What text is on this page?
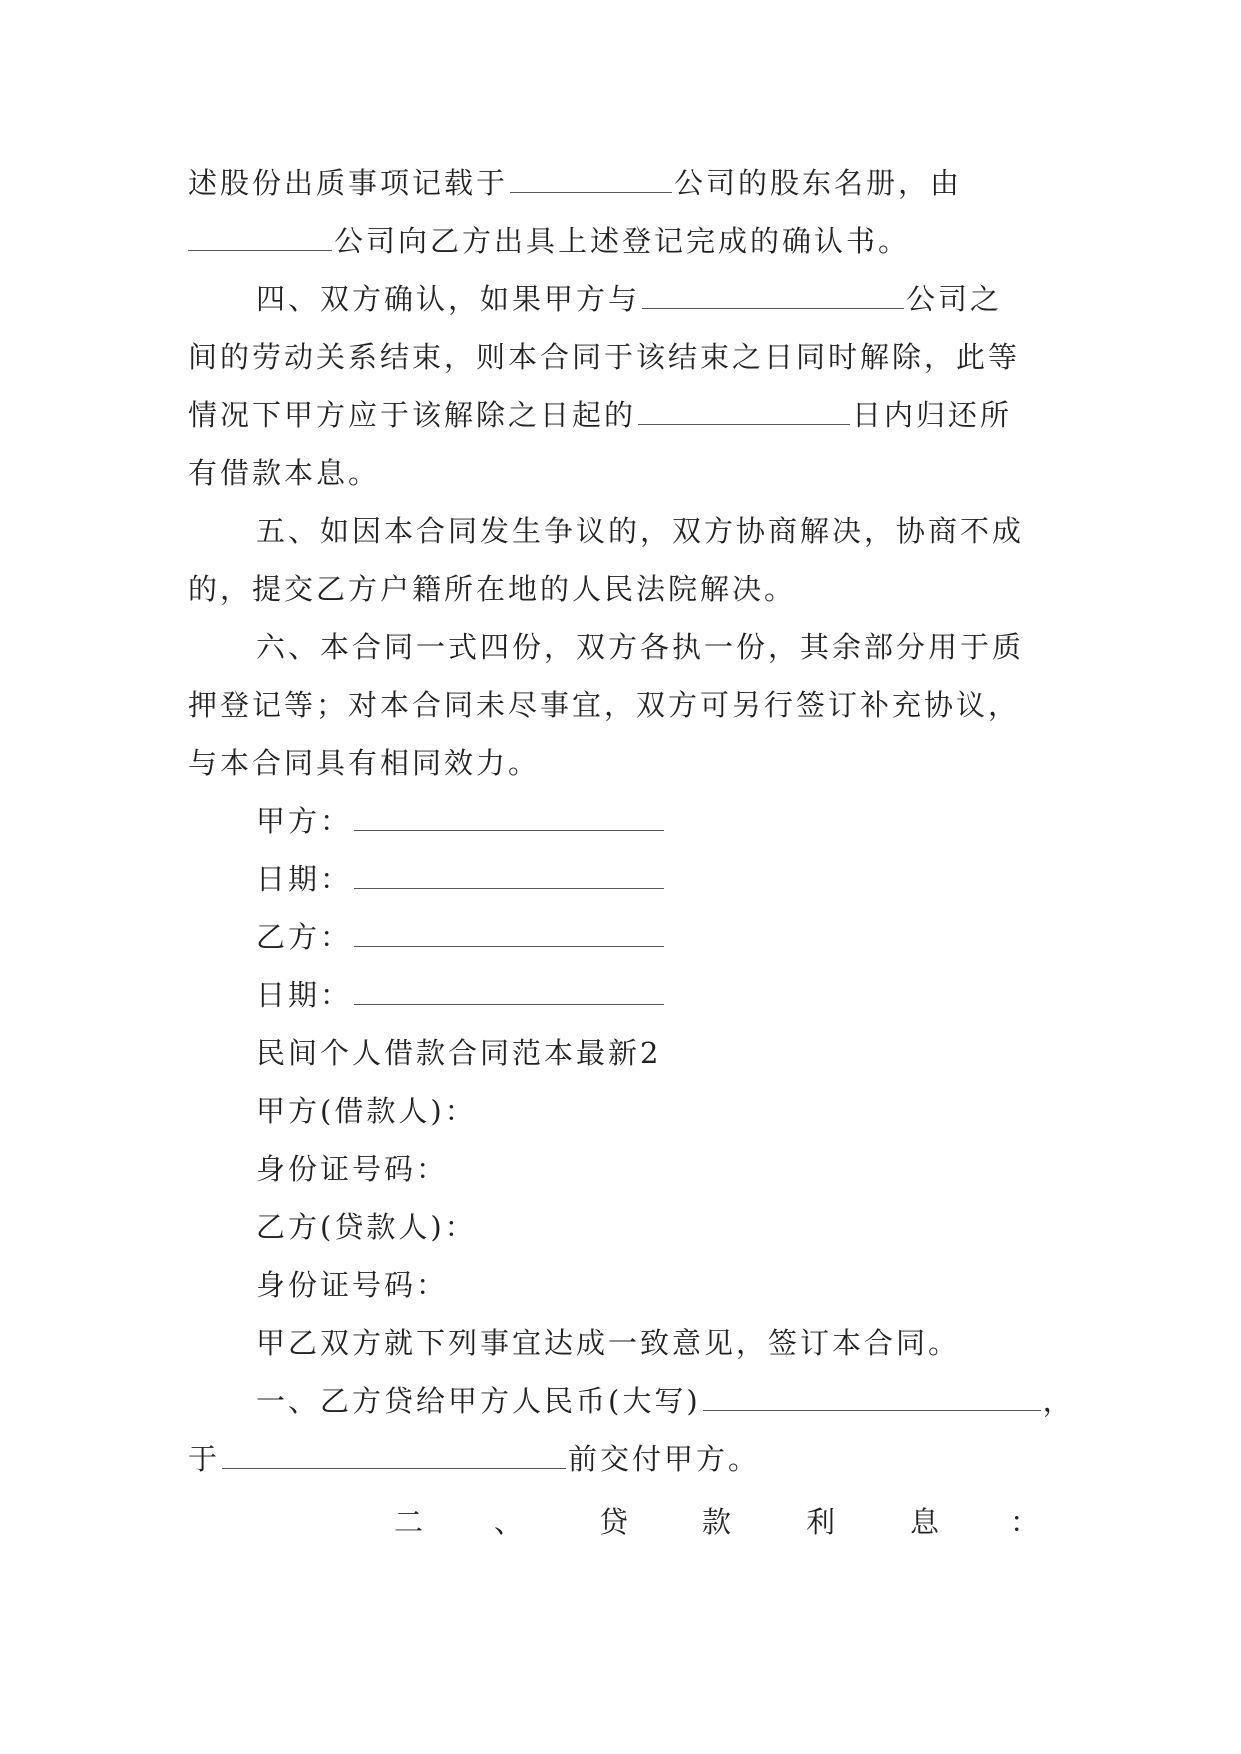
述股份出质事项记载于	公司的股东名册，由
公司向乙方出具上述登记完成的确认书。
四、双方确认，如果甲方与	公司之
间的劳动关系结束，则本合同于该结束之日同时解除，此等
情况下甲方应于该解除之日起的	日内归还所
有借款本息。
五、如因本合同发生争议的，双方协商解决，协商不成
的，提交乙方户籍所在地的人民法院解决。
六、本合同一式四份，双方各执一份，其余部分用于质
押登记等；对本合同未尽事宜，双方可另行签订补充协议，
与本合同具有相同效力。
甲方：
日期：
乙方：
日期：
民间个人借款合同范本最新2
甲方(借款人)：
身份证号码：
乙方(贷款人)：
身份证号码：
甲乙双方就下列事宜达成一致意见，签订本合同。
一、乙方贷给甲方人民币(大写)	，
于	前交付甲方。
二 、	贷	款	利	息 ：
